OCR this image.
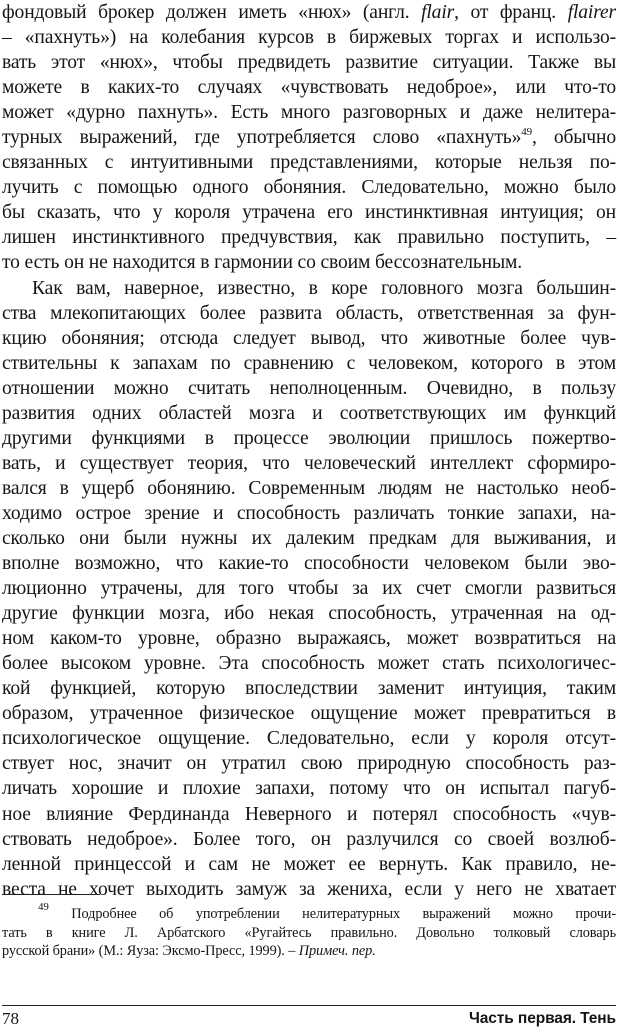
фондовый брокер должен иметь «нюх» (англ. flair, от франц. flairer
– «пахнуть») на колебания курсов в биржевых торгах и использо-
вать этот «нюх», чтобы предвидеть развитие ситуации. Также вы
можете в каких-то случаях «чувствовать недоброе», или что-то
может «дурно пахнуть». Есть много разговорных и даже нелитера-
турных выражений, где употребляется слово «пахнуть»$^{49}$, обычно
связанных с интуитивными представлениями, которые нельзя по-
лучить с помощью одного обоняния. Следовательно, можно было
бы сказать, что у короля утрачена его инстинктивная интуиция; он
лишен инстинктивного предчувствия, как правильно поступить, –
то есть он не находится в гармонии со своим бессознательным.
Как вам, наверное, известно, в коре головного мозга большин-
ства млекопитающих более развита область, ответственная за фун-
кцию обоняния; отсюда следует вывод, что животные более чув-
ствительны к запахам по сравнению с человеком, которого в этом
отношении можно считать неполноценным. Очевидно, в пользу
развития одних областей мозга и соответствующих им функций
другими функциями в процессе эволюции пришлось пожертво-
вать, и существует теория, что человеческий интеллект сформиро-
вался в ущерб обонянию. Современным людям не настолько необ-
ходимо острое зрение и способность различать тонкие запахи, на-
сколько они были нужны их далеким предкам для выживания, и
вполне возможно, что какие-то способности человеком были эво-
люционно утрачены, для того чтобы за их счет смогли развиться
другие функции мозга, ибо некая способность, утраченная на од-
ном каком-то уровне, образно выражаясь, может возвратиться на
более высоком уровне. Эта способность может стать психологичес-
кой функцией, которую впоследствии заменит интуиция, таким
образом, утраченное физическое ощущение может превратиться в
психологическое ощущение. Следовательно, если у короля отсут-
ствует нос, значит он утратил свою природную способность раз-
личать хорошие и плохие запахи, потому что он испытал пагуб-
ное влияние Фердинанда Неверного и потерял способность «чув-
ствовать недоброе». Более того, он разлучился со своей возлюб-
ленной принцессой и сам не может ее вернуть. Как правило, не-
веста не хочет выходить замуж за жениха, если у него не хватает
$^{49}$ Подробнее об употреблении нелитературных выражений можно прочи-
тать в книге Л. Арбатского «Ругайтесь правильно. Довольно толковый словарь
русской брани» (М.: Яуза: Эксмо-Пресс, 1999). – Примеч. пер.
78	Часть первая. Тень
